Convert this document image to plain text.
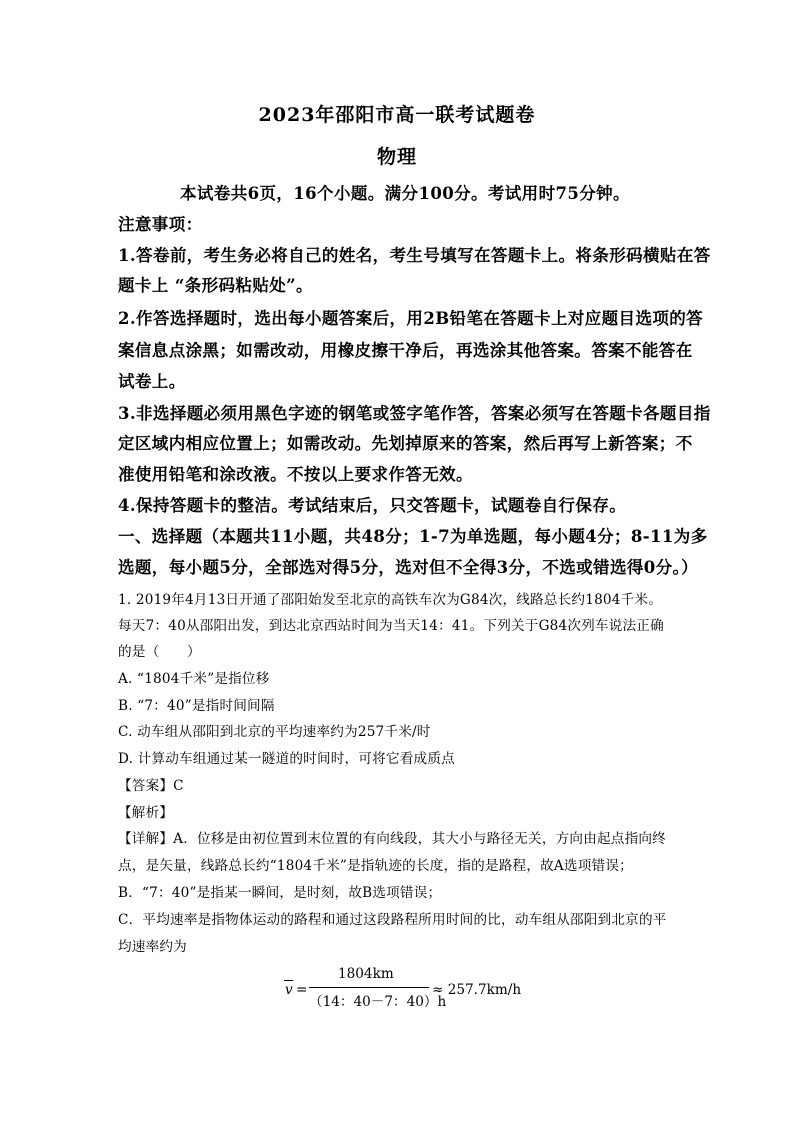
2023年邵阳市高一联考试题卷
物理
本试卷共6页，16个小题。满分100分。考试用时75分钟。
注意事项：
1.答卷前，考生务必将自己的姓名，考生号填写在答题卡上。将条形码横贴在答
题卡上 “条形码粘贴处”。
2.作答选择题时，选出每小题答案后，用2B铅笔在答题卡上对应题目选项的答
案信息点涂黑；如需改动，用橡皮擦干净后，再选涂其他答案。答案不能答在
试卷上。
3.非选择题必须用黑色字迹的钢笔或签字笔作答，答案必须写在答题卡各题目指
定区域内相应位置上；如需改动。先划掉原来的答案，然后再写上新答案；不
准使用铅笔和涂改液。不按以上要求作答无效。
4.保持答题卡的整洁。考试结束后，只交答题卡，试题卷自行保存。
一、选择题（本题共11小题，共48分；1-7为单选题，每小题4分；8-11为多
选题，每小题5分，全部选对得5分，选对但不全得3分，不选或错选得0分。）
1. 2019年4月13日开通了邵阳始发至北京的高铁车次为G84次，线路总长约1804千米。
每天7：40从邵阳出发，到达北京西站时间为当天14：41。下列关于G84次列车说法正确
的是（　　）
A. “1804千米”是指位移
B. “7：40”是指时间间隔
C. 动车组从邵阳到北京的平均速率约为257千米/时
D. 计算动车组通过某一隧道的时间时，可将它看成质点
【答案】C
【解析】
【详解】A．位移是由初位置到末位置的有向线段，其大小与路径无关，方向由起点指向终
点，是矢量，线路总长约“1804千米”是指轨迹的长度，指的是路程，故A选项错误；
B．“7：40”是指某一瞬间，是时刻，故B选项错误；
C．平均速率是指物体运动的路程和通过这段路程所用时间的比，动车组从邵阳到北京的平
均速率约为
v =
1804km
（14：40－7：40）h
≈ 257.7km/h
